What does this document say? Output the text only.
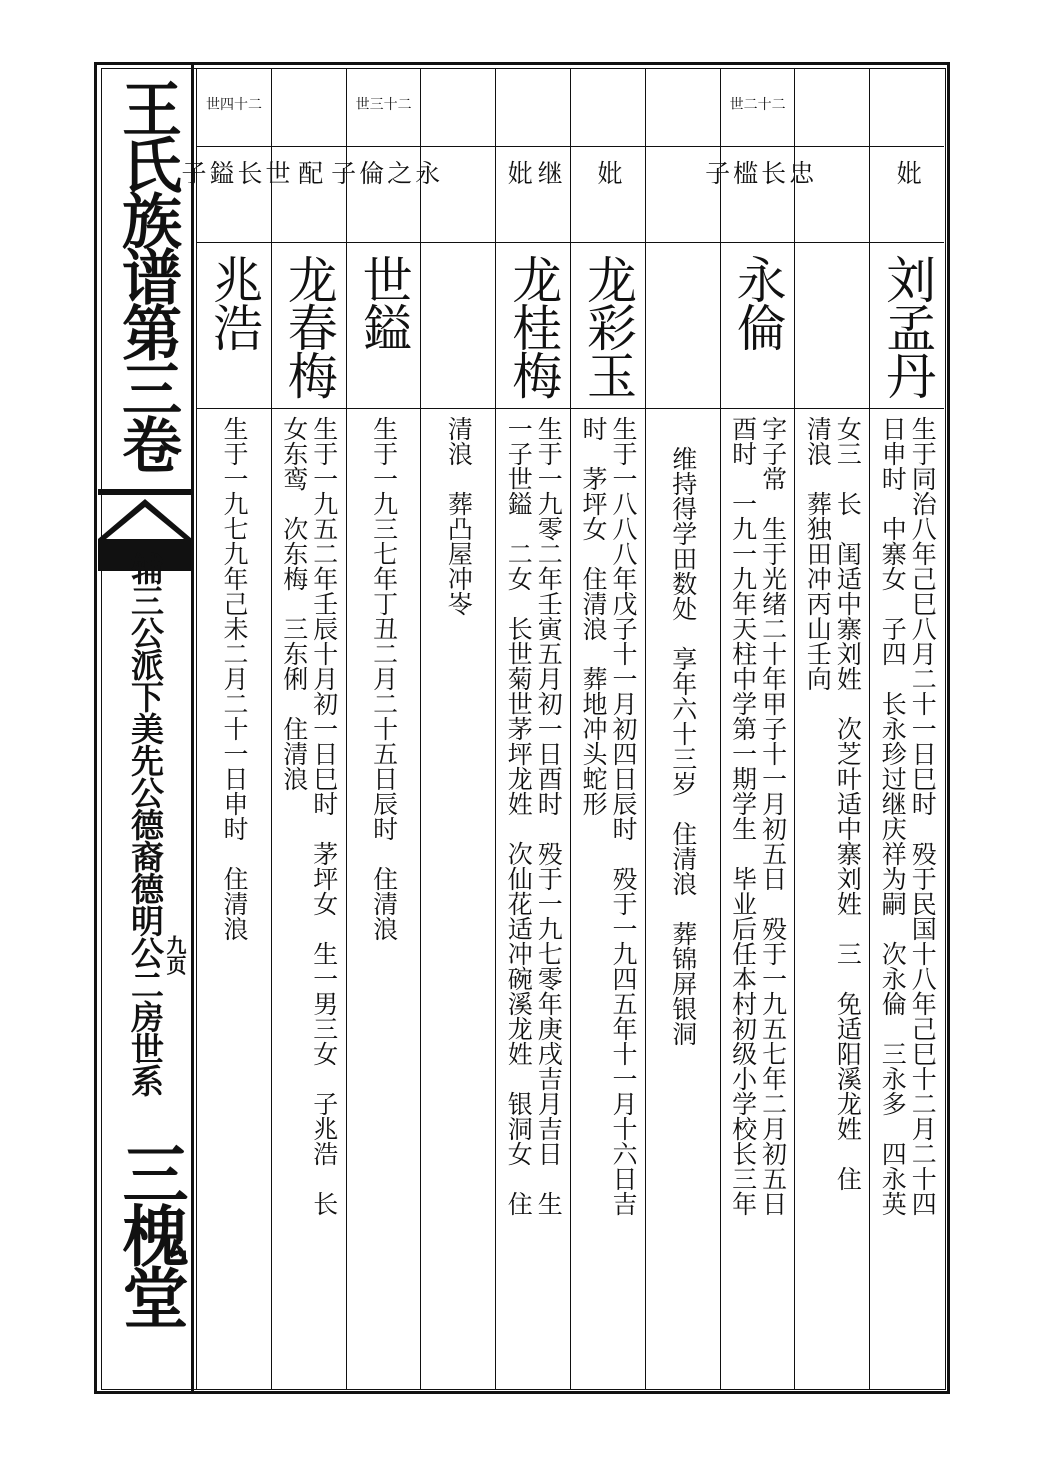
王氏族谱第三卷
辅三公派下美先公德裔德明公二房世系
九页
三槐堂
世四十二
世
长
鎰
子
兆浩
生于一九七九年己未二月二十一日申时　住清浪
配
龙春梅
生于一九五二年壬辰十月初一日巳时　茅坪女　生一男三女　子兆浩　长
女东鸾　次东梅　三东俐　住清浪
世三十二
永
之
倫
子
世鎰
生于一九三七年丁丑二月二十五日辰时　住清浪 清浪　葬凸屋冲岺
继
妣
龙桂梅
生于一九零二年壬寅五月初一日酉时　殁于一九七零年庚戌吉月吉日　生
一子世鎰　二女　长世菊世茅坪龙姓　次仙花适冲碗溪龙姓　银洞女　住
妣
龙彩玉
生于一八八八年戊子十一月初四日辰时　殁于一九四五年十一月十六日吉
时　茅坪女　住清浪　葬地冲头蛇形	维持得学田数处　享年六十三岁　住清浪　葬锦屏银洞
世二十二
忠
长
槛
子
永倫
字子常　生于光绪二十年甲子十一月初五日　殁于一九五七年二月初五日
酉时　一九一九年天柱中学第一期学生　毕业后任本村初级小学校长三年
女三　长　闺适中寨刘姓　次芝叶适中寨刘姓　三　免适阳溪龙姓　住
清浪　葬独田冲丙山壬向
妣
刘孟丹
生于同治八年己巳八月二十一日巳时　殁于民国十八年己巳十二月二十四
日申时　中寨女　子四　长永珍过继庆祥为嗣　次永倫　三永多　四永英
